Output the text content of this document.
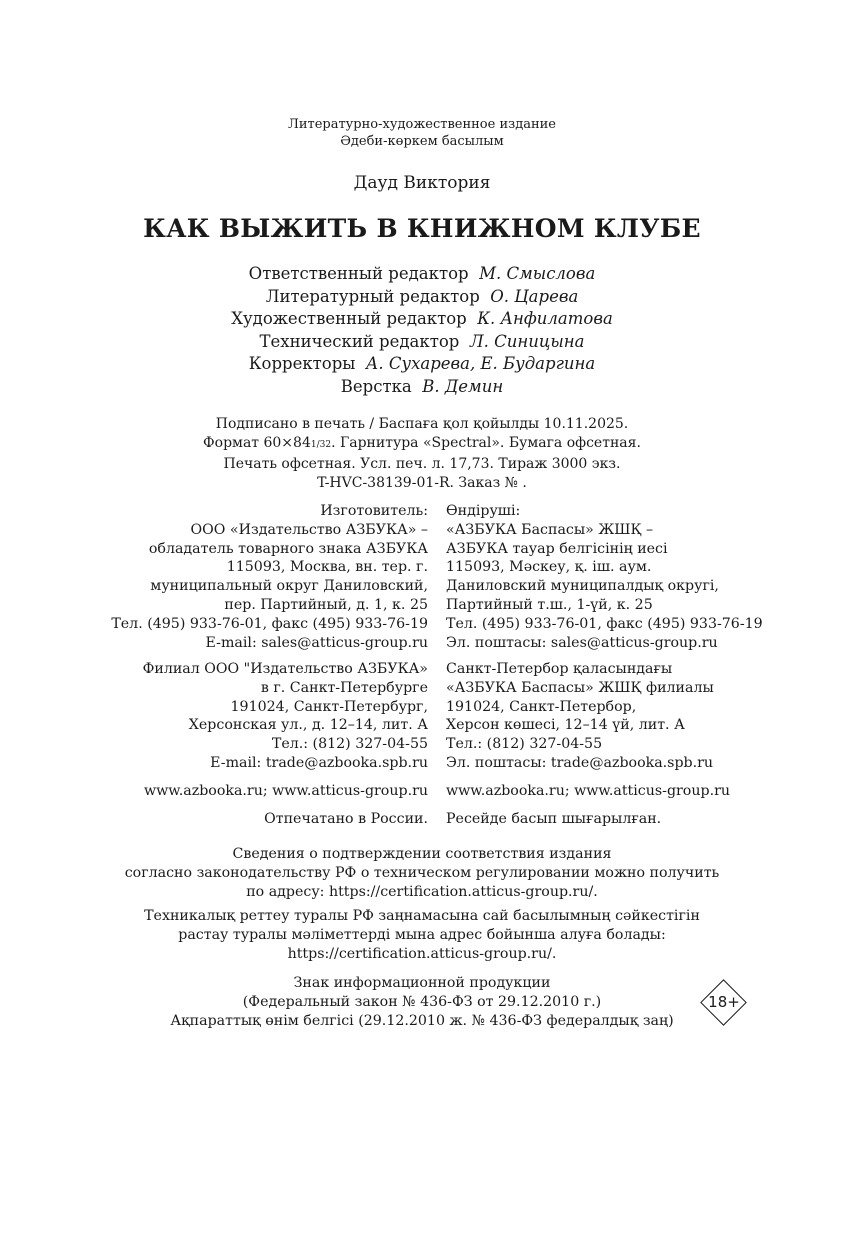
Литературно-художественное издание
Әдеби-көркем басылым
Дауд Виктория
КАК ВЫЖИТЬ В КНИЖНОМ КЛУБЕ
Ответственный редактор М. Смыслова
Литературный редактор О. Царева
Художественный редактор К. Анфилатова
Технический редактор Л. Синицына
Корректоры А. Сухарева, Е. Бударгина
Верстка В. Демин
Подписано в печать / Баспаға қол қойылды 10.11.2025.
Формат 60×841/32. Гарнитура «Spectral». Бумага офсетная.
Печать офсетная. Усл. печ. л. 17,73. Тираж 3000 экз.
T-HVC-38139-01-R. Заказ № .
Изготовитель:
ООО «Издательство АЗБУКА» –
обладатель товарного знака АЗБУКА
115093, Москва, вн. тер. г.
муниципальный округ Даниловский,
пер. Партийный, д. 1, к. 25
Тел. (495) 933-76-01, факс (495) 933-76-19
E-mail: sales@atticus-group.ru
Өндіруші:
«АЗБУКА Баспасы» ЖШҚ –
АЗБУКА тауар белгісінің иесі
115093, Мәскеу, қ. іш. аум.
Даниловский муниципалдық округі,
Партийный т.ш., 1-үй, к. 25
Тел. (495) 933-76-01, факс (495) 933-76-19
Эл. поштасы: sales@atticus-group.ru
Филиал ООО "Издательство АЗБУКА»
в г. Санкт-Петербурге
191024, Санкт-Петербург,
Херсонская ул., д. 12–14, лит. А
Тел.: (812) 327-04-55
E-mail: trade@azbooka.spb.ru
Санкт-Петербор қаласындағы
«АЗБУКА Баспасы» ЖШҚ филиалы
191024, Санкт-Петербор,
Херсон көшесі, 12–14 үй, лит. А
Тел.: (812) 327-04-55
Эл. поштасы: trade@azbooka.spb.ru
www.azbooka.ru; www.atticus-group.ru www.azbooka.ru; www.atticus-group.ru
Отпечатано в России. Ресейде басып шығарылған.
Сведения о подтверждении соответствия издания
согласно законодательству РФ о техническом регулировании можно получить
по адресу: https://certification.atticus-group.ru/.
Техникалық реттеу туралы РФ заңнамасына сай басылымның сәйкестігін
растау туралы мәліметтерді мына адрес бойынша алуға болады:
https://certification.atticus-group.ru/.
Знак информационной продукции
(Федеральный закон № 436-ФЗ от 29.12.2010 г.)
Ақпараттық өнім белгісі (29.12.2010 ж. № 436-ФЗ федералдық заң)
18+
